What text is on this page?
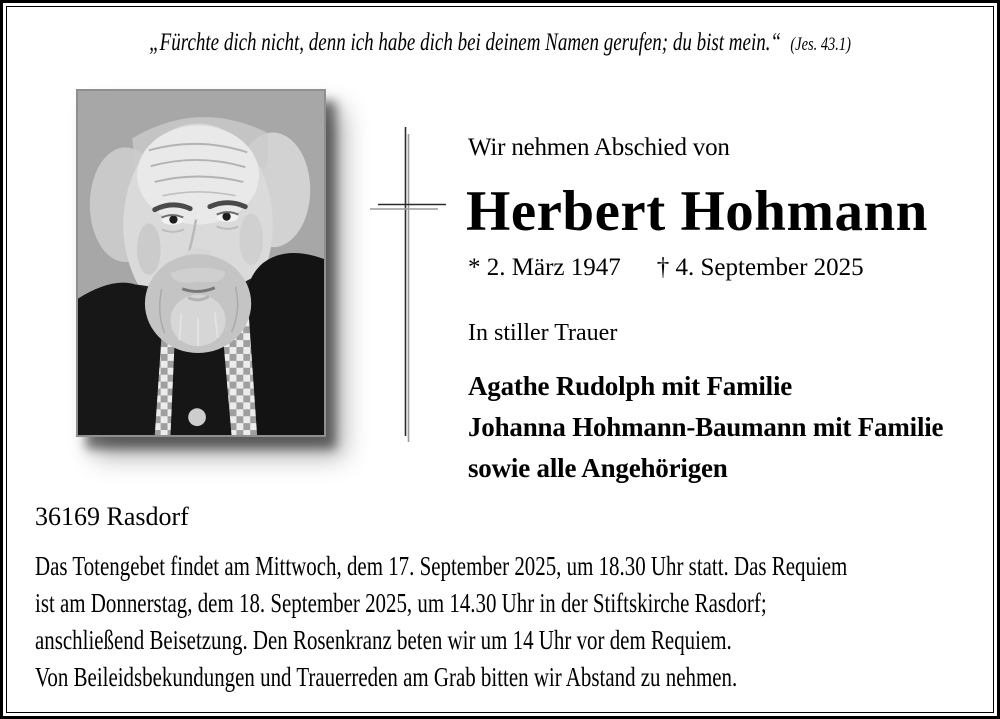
„Fürchte dich nicht, denn ich habe dich bei deinem Namen gerufen; du bist mein.“ (Jes. 43.1)
Wir nehmen Abschied von
Herbert Hohmann
* 2. März 1947 † 4. September 2025
In stiller Trauer
Agathe Rudolph mit Familie
Johanna Hohmann-Baumann mit Familie
sowie alle Angehörigen
36169 Rasdorf
Das Totengebet findet am Mittwoch, dem 17. September 2025, um 18.30 Uhr statt. Das Requiem
ist am Donnerstag, dem 18. September 2025, um 14.30 Uhr in der Stiftskirche Rasdorf;
anschließend Beisetzung. Den Rosenkranz beten wir um 14 Uhr vor dem Requiem.
Von Beileidsbekundungen und Trauerreden am Grab bitten wir Abstand zu nehmen.
